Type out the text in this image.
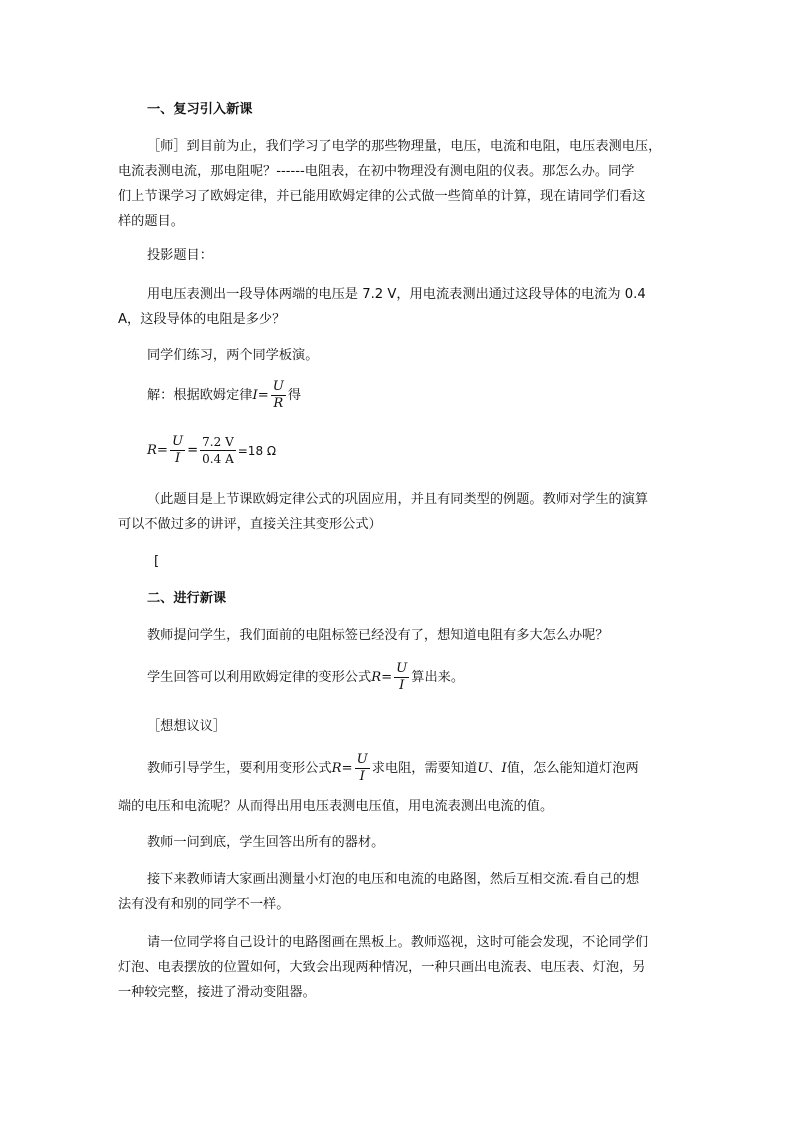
一、复习引入新课
［师］到目前为止，我们学习了电学的那些物理量，电压，电流和电阻，电压表测电压，
电流表测电流，那电阻呢？------电阻表，在初中物理没有测电阻的仪表。那怎么办。同学
们上节课学习了欧姆定律，并已能用欧姆定律的公式做一些简单的计算，现在请同学们看这
样的题目。
投影题目：
用电压表测出一段导体两端的电压是 7.2 V，用电流表测出通过这段导体的电流为 0.4
A，这段导体的电阻是多少？
同学们练习，两个同学板演。
解：根据欧姆定律$I= \frac{U}{R}$ 得
$R= \frac{U}{I} = \frac{7.2 V}{0.4 A} =18$ Ω
（此题目是上节课欧姆定律公式的巩固应用，并且有同类型的例题。教师对学生的演算
可以不做过多的讲评，直接关注其变形公式）
[
二、进行新课
教师提问学生，我们面前的电阻标签已经没有了，想知道电阻有多大怎么办呢？
学生回答可以利用欧姆定律的变形公式$R= \frac{U}{I}$ 算出来。
［想想议议］
教师引导学生，要利用变形公式$R= \frac{U}{I}$ 求电阻，需要知道U、I值，怎么能知道灯泡两
端的电压和电流呢？从而得出用电压表测电压值，用电流表测出电流的值。
教师一问到底，学生回答出所有的器材。
接下来教师请大家画出测量小灯泡的电压和电流的电路图，然后互相交流.看自己的想
法有没有和别的同学不一样。
请一位同学将自己设计的电路图画在黑板上。教师巡视，这时可能会发现，不论同学们
灯泡、电表摆放的位置如何，大致会出现两种情况，一种只画出电流表、电压表、灯泡，另
一种较完整，接进了滑动变阻器。
